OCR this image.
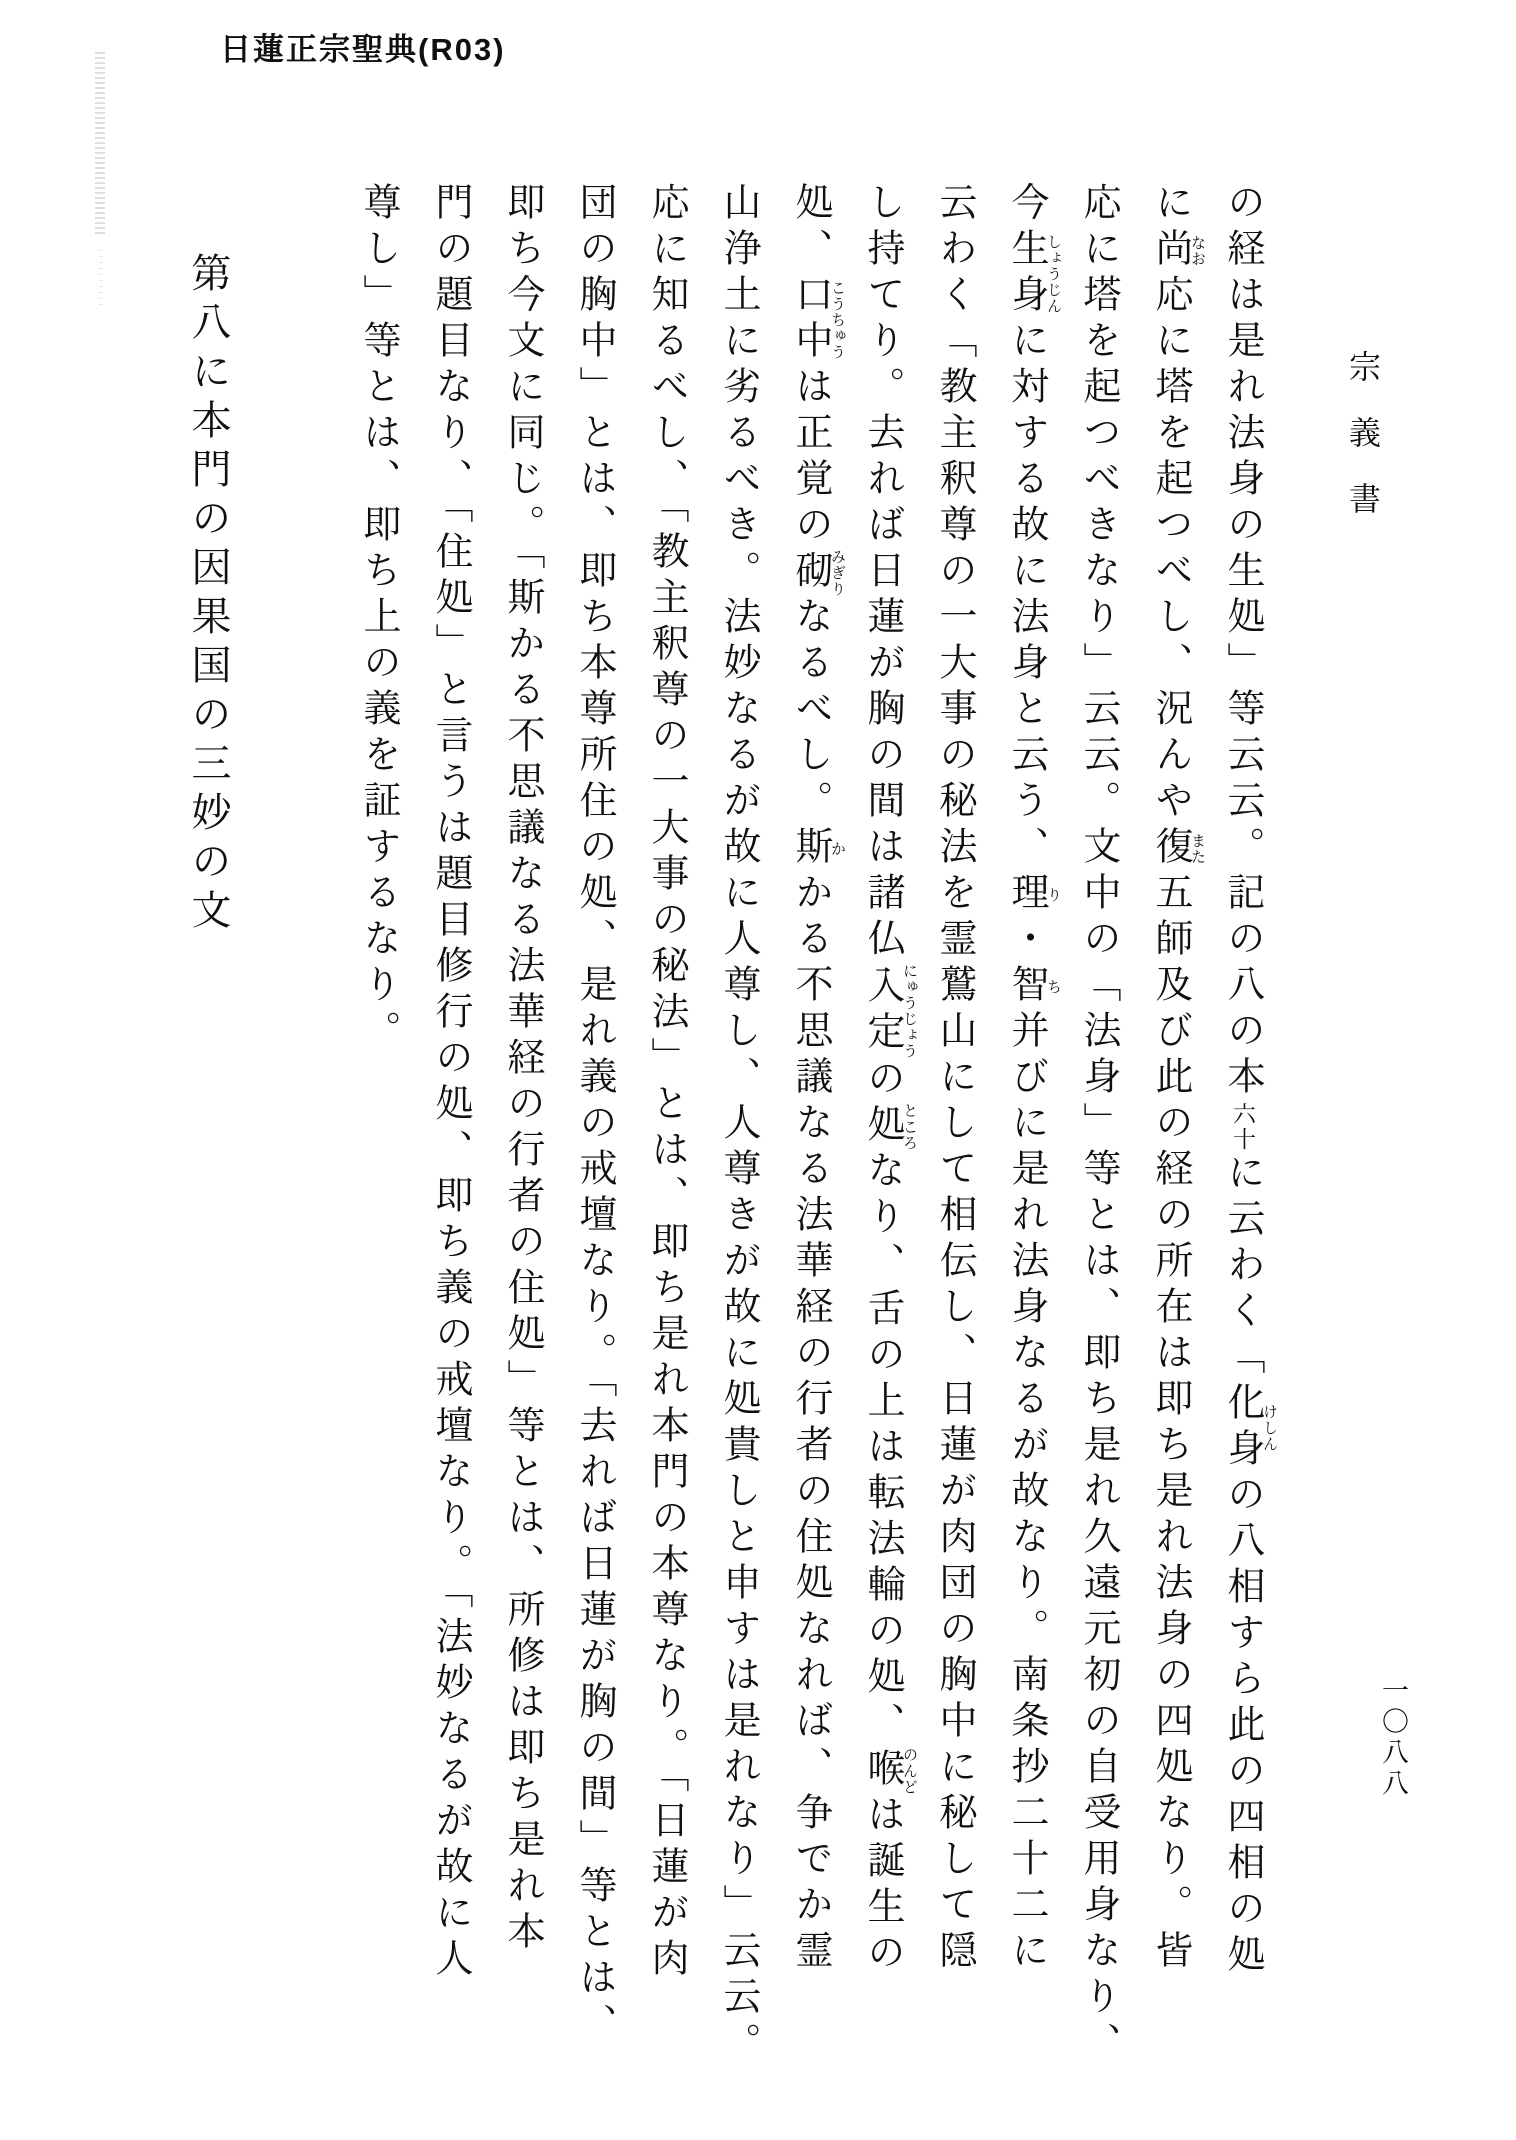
日蓮正宗聖典(R03)
宗義書
一〇八八
の経は是れ法身の生処」等云云。記の八の本六十に云わく「化身けしんの八相すら此の四相の処
に尚なお応に塔を起つべし、況んや復また五師及び此の経の所在は即ち是れ法身の四処なり。皆
応に塔を起つべきなり」云云。文中の「法身」等とは、即ち是れ久遠元初の自受用身なり、
今生身しょうじんに対する故に法身と云う、理り・智ち并びに是れ法身なるが故なり。南条抄二十二に
云わく「教主釈尊の一大事の秘法を霊鷲山にして相伝し、日蓮が肉団の胸中に秘して隠
し持てり。去れば日蓮が胸の間は諸仏入定にゅうじょうの処ところなり、舌の上は転法輪の処、喉のんどは誕生の
処、口中こうちゅうは正覚の砌みぎりなるべし。斯かかる不思議なる法華経の行者の住処なれば、争でか霊
山浄土に劣るべき。法妙なるが故に人尊し、人尊きが故に処貴しと申すは是れなり」云云。
応に知るべし、「教主釈尊の一大事の秘法」とは、即ち是れ本門の本尊なり。「日蓮が肉
団の胸中」とは、即ち本尊所住の処、是れ義の戒壇なり。「去れば日蓮が胸の間」等とは、
即ち今文に同じ。「斯かる不思議なる法華経の行者の住処」等とは、所修は即ち是れ本
門の題目なり、「住処」と言うは題目修行の処、即ち義の戒壇なり。「法妙なるが故に人
尊し」等とは、即ち上の義を証するなり。
第八に本門の因果国の三妙の文
